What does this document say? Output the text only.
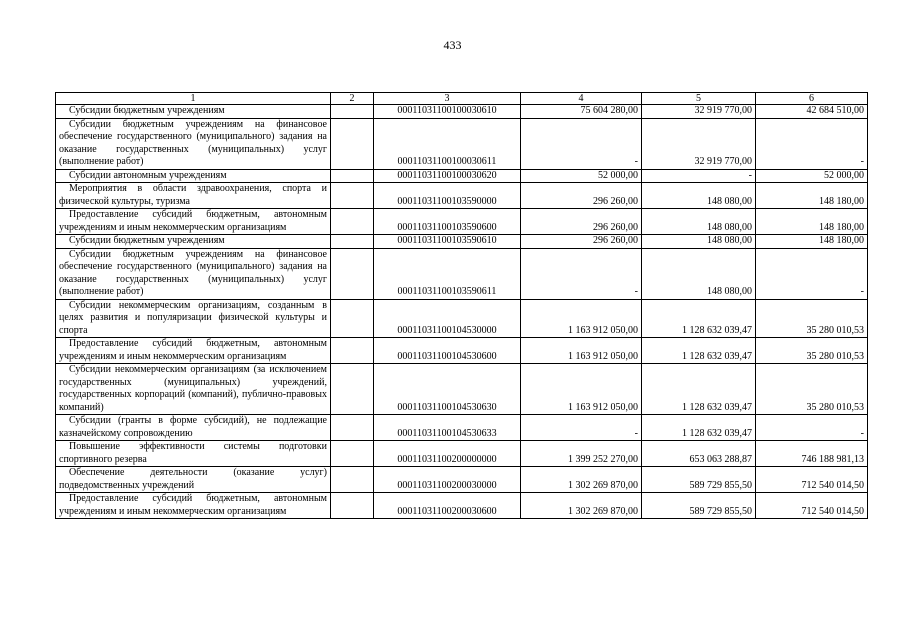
433
1	2	3	4	5	6
Субсидии бюджетным учреждениям		00011031100100030610	75 604 280,00	32 919 770,00	42 684 510,00
Субсидии бюджетным учреждениям на финансовое обеспечение государственного (муниципального) задания на оказание государственных (муниципальных) услуг (выполнение работ)		00011031100100030611	-	32 919 770,00	-
Субсидии автономным учреждениям		00011031100100030620	52 000,00	-	52 000,00
Мероприятия в области здравоохранения, спорта и физической культуры, туризма		00011031100103590000	296 260,00	148 080,00	148 180,00
Предоставление субсидий бюджетным, автономным учреждениям и иным некоммерческим организациям		00011031100103590600	296 260,00	148 080,00	148 180,00
Субсидии бюджетным учреждениям		00011031100103590610	296 260,00	148 080,00	148 180,00
Субсидии бюджетным учреждениям на финансовое обеспечение государственного (муниципального) задания на оказание государственных (муниципальных) услуг (выполнение работ)		00011031100103590611	-	148 080,00	-
Субсидии некоммерческим организациям, созданным в целях развития и популяризации физической культуры и спорта		00011031100104530000	1 163 912 050,00	1 128 632 039,47	35 280 010,53
Предоставление субсидий бюджетным, автономным учреждениям и иным некоммерческим организациям		00011031100104530600	1 163 912 050,00	1 128 632 039,47	35 280 010,53
Субсидии некоммерческим организациям (за исключением государственных (муниципальных) учреждений, государственных корпораций (компаний), публично-правовых компаний)		00011031100104530630	1 163 912 050,00	1 128 632 039,47	35 280 010,53
Субсидии (гранты в форме субсидий), не подлежащие казначейскому сопровождению		00011031100104530633	-	1 128 632 039,47	-
Повышение эффективности системы подготовки спортивного резерва		00011031100200000000	1 399 252 270,00	653 063 288,87	746 188 981,13
Обеспечение деятельности (оказание услуг) подведомственных учреждений		00011031100200030000	1 302 269 870,00	589 729 855,50	712 540 014,50
Предоставление субсидий бюджетным, автономным учреждениям и иным некоммерческим организациям		00011031100200030600	1 302 269 870,00	589 729 855,50	712 540 014,50
